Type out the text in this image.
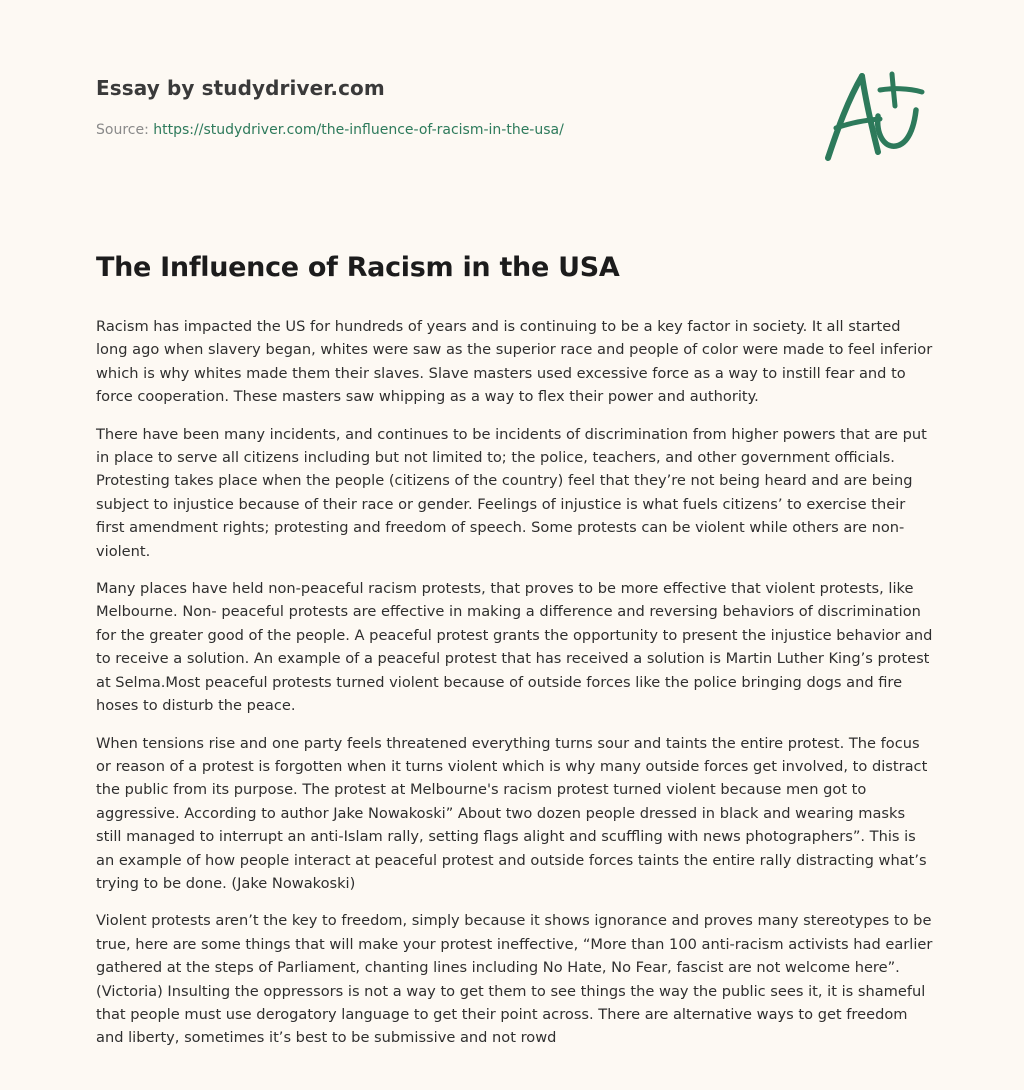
Essay by studydriver.com
Source: https://studydriver.com/the-influence-of-racism-in-the-usa/
The Influence of Racism in the USA

Racism has impacted the US for hundreds of years and is continuing to be a key factor in society. It all started long ago when slavery began, whites were saw as the superior race and people of color were made to feel inferior which is why whites made them their slaves. Slave masters used excessive force as a way to instill fear and to force cooperation. These masters saw whipping as a way to flex their power and authority.

There have been many incidents, and continues to be incidents of discrimination from higher powers that are put in place to serve all citizens including but not limited to; the police, teachers, and other government officials. Protesting takes place when the people (citizens of the country) feel that they’re not being heard and are being subject to injustice because of their race or gender. Feelings of injustice is what fuels citizens’ to exercise their first amendment rights; protesting and freedom of speech. Some protests can be violent while others are non-violent.

Many places have held non-peaceful racism protests, that proves to be more effective that violent protests, like Melbourne. Non- peaceful protests are effective in making a difference and reversing behaviors of discrimination for the greater good of the people. A peaceful protest grants the opportunity to present the injustice behavior and to receive a solution. An example of a peaceful protest that has received a solution is Martin Luther King’s protest at Selma.Most peaceful protests turned violent because of outside forces like the police bringing dogs and fire hoses to disturb the peace.

When tensions rise and one party feels threatened everything turns sour and taints the entire protest. The focus or reason of a protest is forgotten when it turns violent which is why many outside forces get involved, to distract the public from its purpose. The protest at Melbourne's racism protest turned violent because men got to aggressive. According to author Jake Nowakoski” About two dozen people dressed in black and wearing masks still managed to interrupt an anti-Islam rally, setting flags alight and scuffling with news photographers”. This is an example of how people interact at peaceful protest and outside forces taints the entire rally distracting what’s trying to be done. (Jake Nowakoski)

Violent protests aren’t the key to freedom, simply because it shows ignorance and proves many stereotypes to be true, here are some things that will make your protest ineffective, “More than 100 anti-racism activists had earlier gathered at the steps of Parliament, chanting lines including No Hate, No Fear, fascist are not welcome here”.(Victoria) Insulting the oppressors is not a way to get them to see things the way the public sees it, it is shameful that people must use derogatory language to get their point across. There are alternative ways to get freedom and liberty, sometimes it’s best to be submissive and not rowd
